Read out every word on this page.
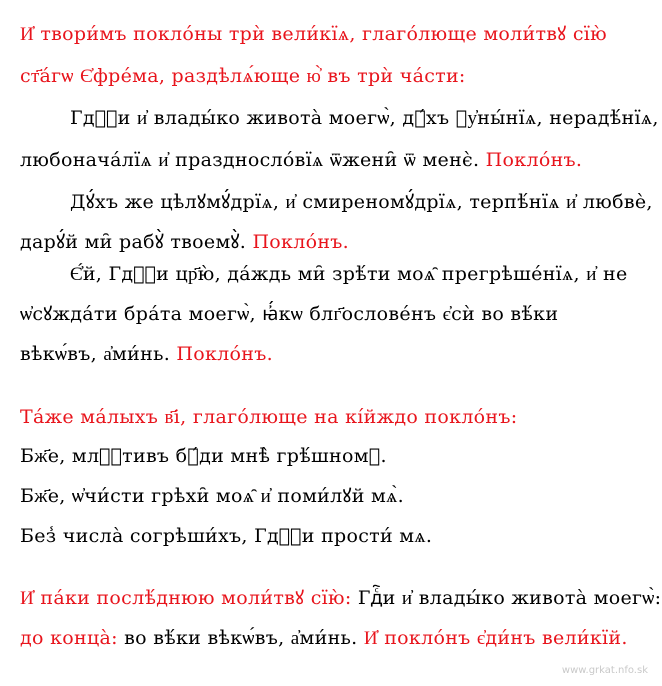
И҆ твори́мъ покло́ны трѝ вели́кїѧ, глаго́люще моли́твꙋ сїю̀
ст҃а́гѡ Є҆фре́ма, раздѣлѧ́юще ю҆̀ въ трѝ ча́сти:
Гдⷭ҇и и҆ влады́ко живота̀ моегѡ̀, дꙋ́хъ ᲂу҆ны́нїѧ, нерадѣ́нїѧ,
любонача́лїѧ и҆ праздносло́вїѧ ѿжени̑ ѿ менє̀. Покло́нъ.
Дꙋ́хъ же цѣлꙋмꙋ́дрїѧ, и҆ смиреномꙋ́дрїѧ, терпѣ́нїѧ и҆ любвѐ,
дарꙋ́й ми̑ рабꙋ̀ твоемꙋ̀. Покло́нъ.
Є҆́й, Гдⷭ҇и цр҃ю̀, да́ждь ми̑ зрѣ́ти моѧ̑ прегрѣше́нїѧ, и҆ не
ѡ҆сꙋжда́ти бра́та моегѡ̀, ꙗ҆́кѡ блг҃ослове́нъ є҆сѝ во вѣ́ки
вѣкѡ́въ, а҆ми́нь. Покло́нъ.
Та́же ма́лыхъ в҃і, глаго́люще на кі́йждо покло́нъ:
Бж҃е, млⷭ҇тивъ бꙋ́ди мнѣ̀ грѣ́шномꙋ.
Бж҃е, ѡ҆чи́сти грѣхи̑ моѧ̑ и҆ поми́лꙋй мѧ̀.
Без̾ числа̀ согрѣши́хъ, Гдⷭ҇и прости́ мѧ.
И҆ па́ки послѣ́днюю моли́твꙋ сїю̀: Гдⷭ҇и и҆ влады́ко живота̀ моегѡ̀:
до конца̀: во вѣ́ки вѣкѡ́въ, а҆ми́нь. И҆ покло́нъ є҆ди́нъ вели́кїй.
www.grkat.nfo.sk
